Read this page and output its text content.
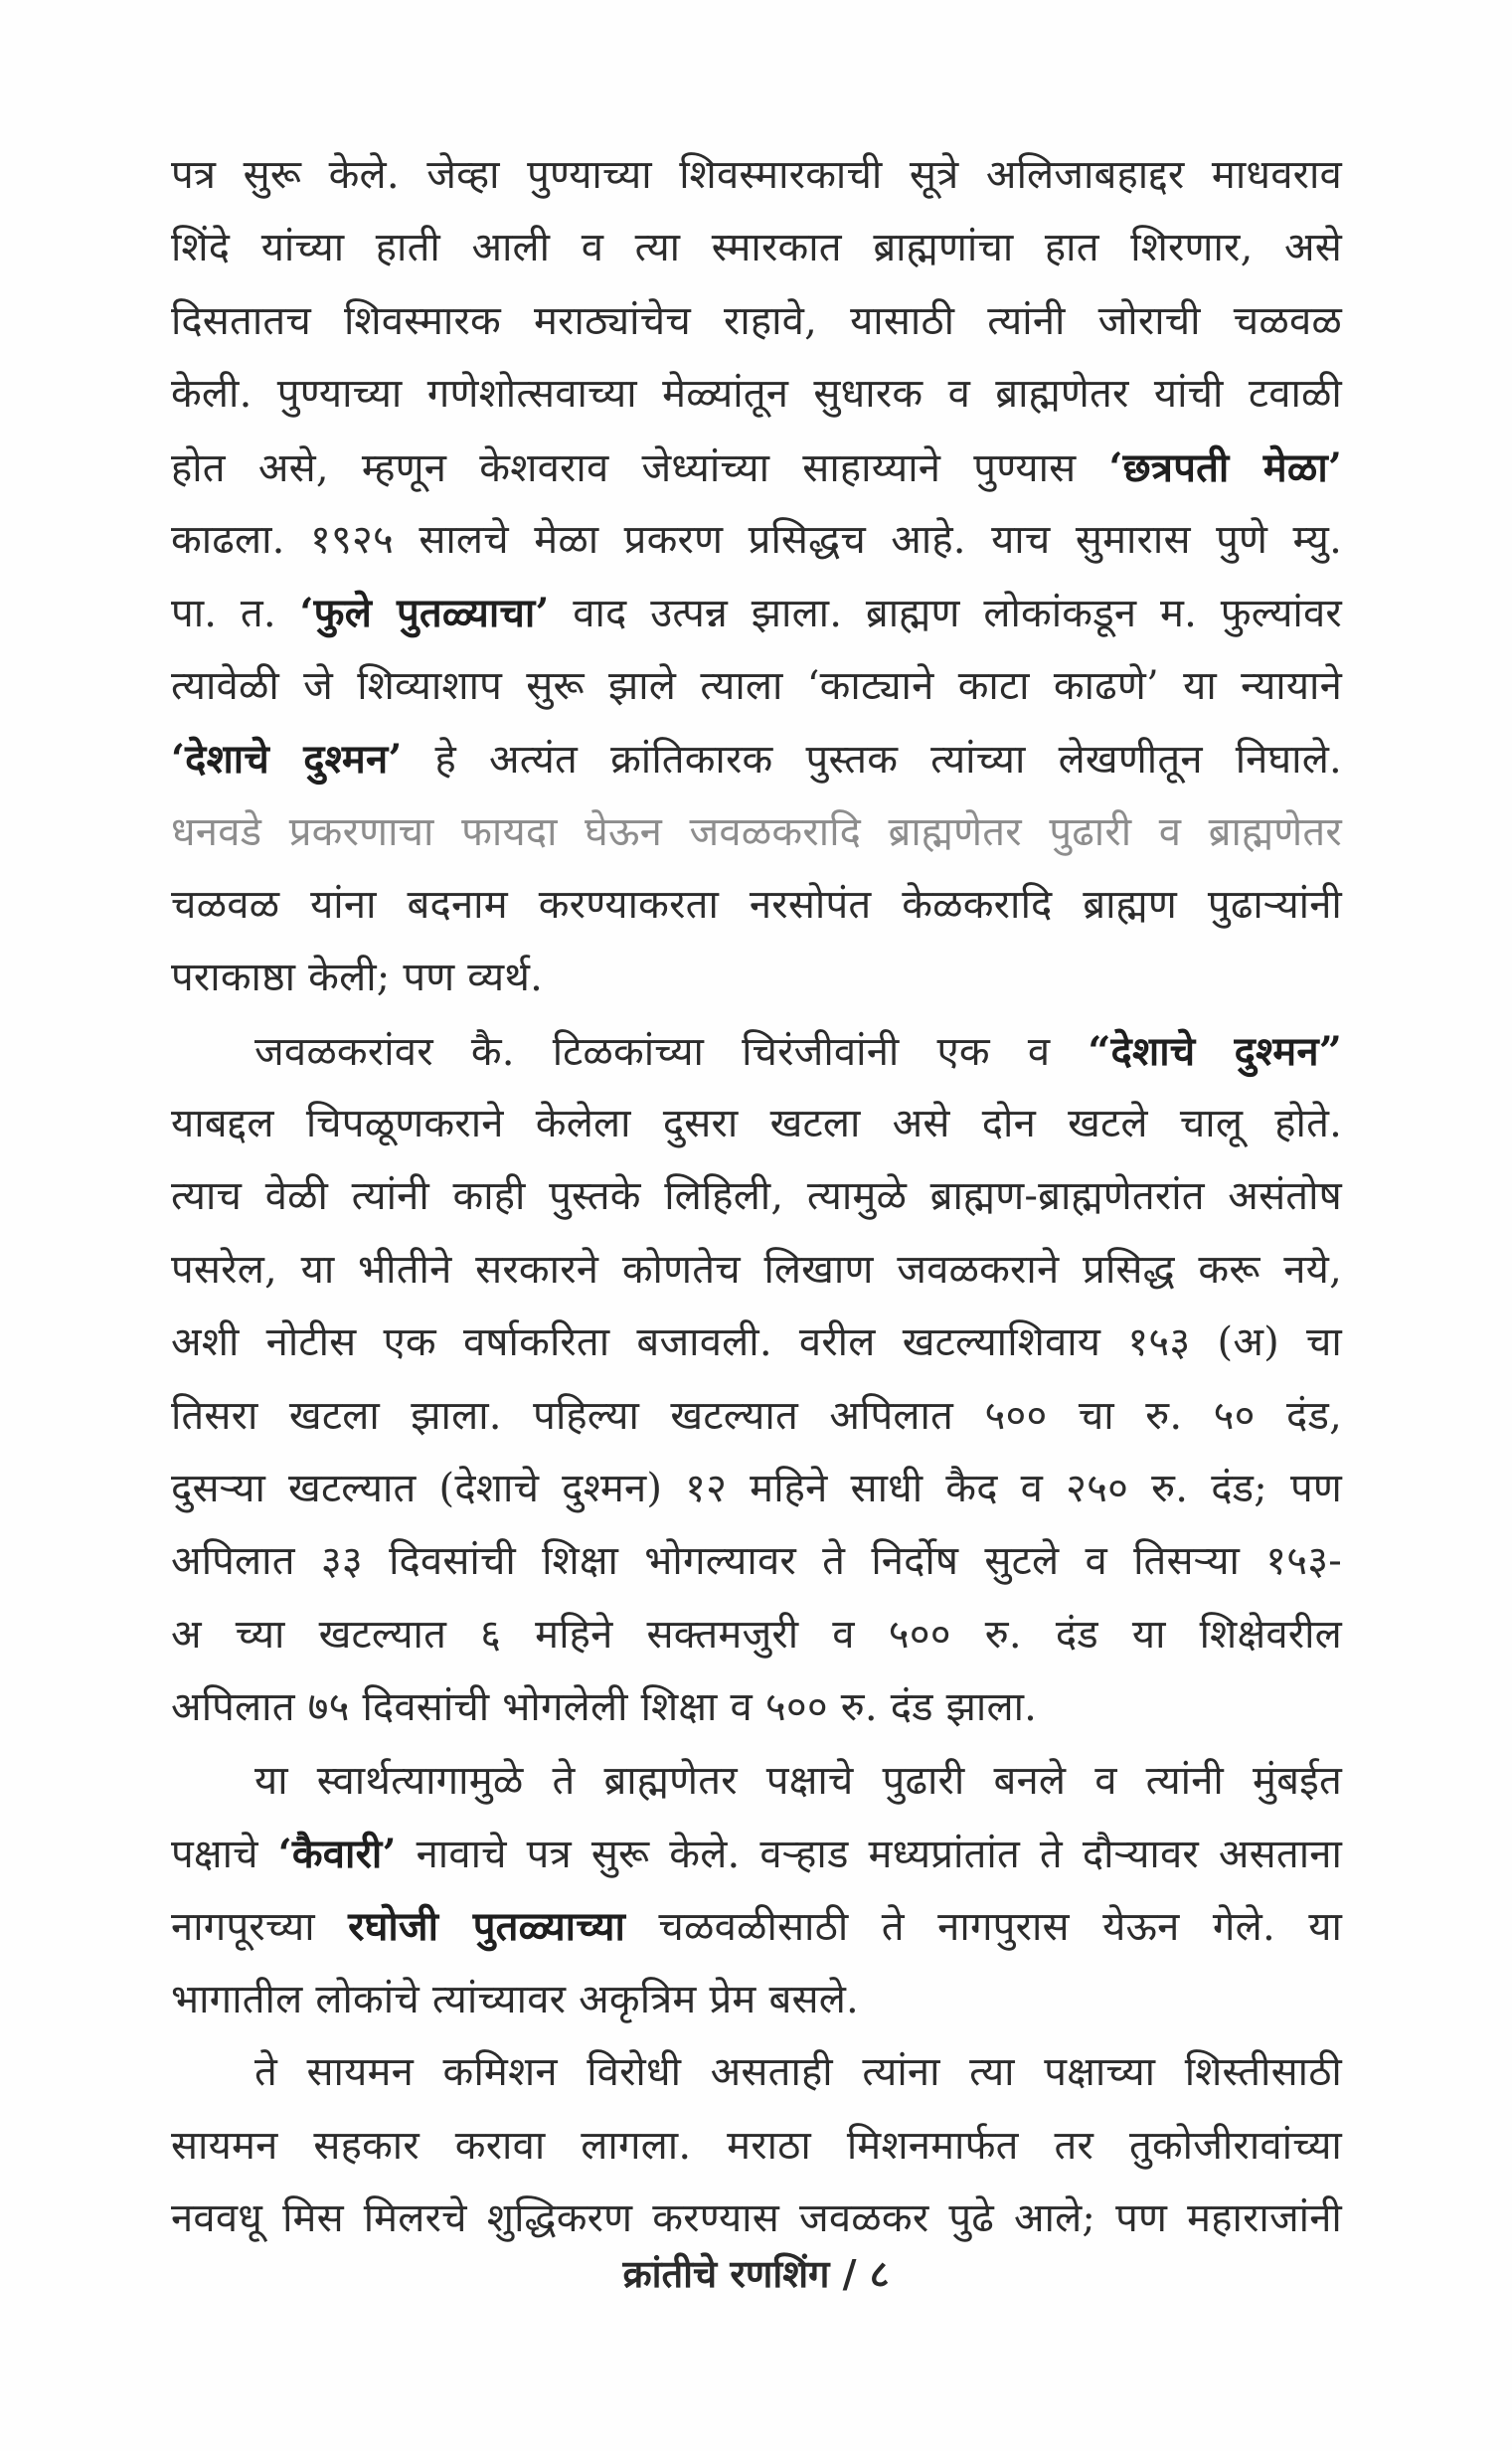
पत्र सुरू केले. जेव्हा पुण्याच्या शिवस्मारकाची सूत्रे अलिजाबहाद्दर माधवराव
शिंदे यांच्या हाती आली व त्या स्मारकात ब्राह्मणांचा हात शिरणार, असे
दिसतातच शिवस्मारक मराठ्यांचेच राहावे, यासाठी त्यांनी जोराची चळवळ
केली. पुण्याच्या गणेशोत्सवाच्या मेळ्यांतून सुधारक व ब्राह्मणेतर यांची टवाळी
होत असे, म्हणून केशवराव जेध्यांच्या साहाय्याने पुण्यास ‘छत्रपती मेळा’
काढला. १९२५ सालचे मेळा प्रकरण प्रसिद्धच आहे. याच सुमारास पुणे म्यु.
पा. त. ‘फुले पुतळ्याचा’ वाद उत्पन्न झाला. ब्राह्मण लोकांकडून म. फुल्यांवर
त्यावेळी जे शिव्याशाप सुरू झाले त्याला ‘काट्याने काटा काढणे’ या न्यायाने
‘देशाचे दुश्मन’ हे अत्यंत क्रांतिकारक पुस्तक त्यांच्या लेखणीतून निघाले.
धनवडे प्रकरणाचा फायदा घेऊन जवळकरादि ब्राह्मणेतर पुढारी व ब्राह्मणेतर
चळवळ यांना बदनाम करण्याकरता नरसोपंत केळकरादि ब्राह्मण पुढाऱ्यांनी
पराकाष्ठा केली; पण व्यर्थ.
जवळकरांवर कै. टिळकांच्या चिरंजीवांनी एक व “देशाचे दुश्मन”
याबद्दल चिपळूणकराने केलेला दुसरा खटला असे दोन खटले चालू होते.
त्याच वेळी त्यांनी काही पुस्तके लिहिली, त्यामुळे ब्राह्मण-ब्राह्मणेतरांत असंतोष
पसरेल, या भीतीने सरकारने कोणतेच लिखाण जवळकराने प्रसिद्ध करू नये,
अशी नोटीस एक वर्षाकरिता बजावली. वरील खटल्याशिवाय १५३ (अ) चा
तिसरा खटला झाला. पहिल्या खटल्यात अपिलात ५०० चा रु. ५० दंड,
दुसऱ्या खटल्यात (देशाचे दुश्मन) १२ महिने साधी कैद व २५० रु. दंड; पण
अपिलात ३३ दिवसांची शिक्षा भोगल्यावर ते निर्दोष सुटले व तिसऱ्या १५३-
अ च्या खटल्यात ६ महिने सक्तमजुरी व ५०० रु. दंड या शिक्षेवरील
अपिलात ७५ दिवसांची भोगलेली शिक्षा व ५०० रु. दंड झाला.
या स्वार्थत्यागामुळे ते ब्राह्मणेतर पक्षाचे पुढारी बनले व त्यांनी मुंबईत
पक्षाचे ‘कैवारी’ नावाचे पत्र सुरू केले. वऱ्हाड मध्यप्रांतांत ते दौऱ्यावर असताना
नागपूरच्या रघोजी पुतळ्याच्या चळवळीसाठी ते नागपुरास येऊन गेले. या
भागातील लोकांचे त्यांच्यावर अकृत्रिम प्रेम बसले.
ते सायमन कमिशन विरोधी असताही त्यांना त्या पक्षाच्या शिस्तीसाठी
सायमन सहकार करावा लागला. मराठा मिशनमार्फत तर तुकोजीरावांच्या
नववधू मिस मिलरचे शुद्धिकरण करण्यास जवळकर पुढे आले; पण महाराजांनी
क्रांतीचे रणशिंग / ८
